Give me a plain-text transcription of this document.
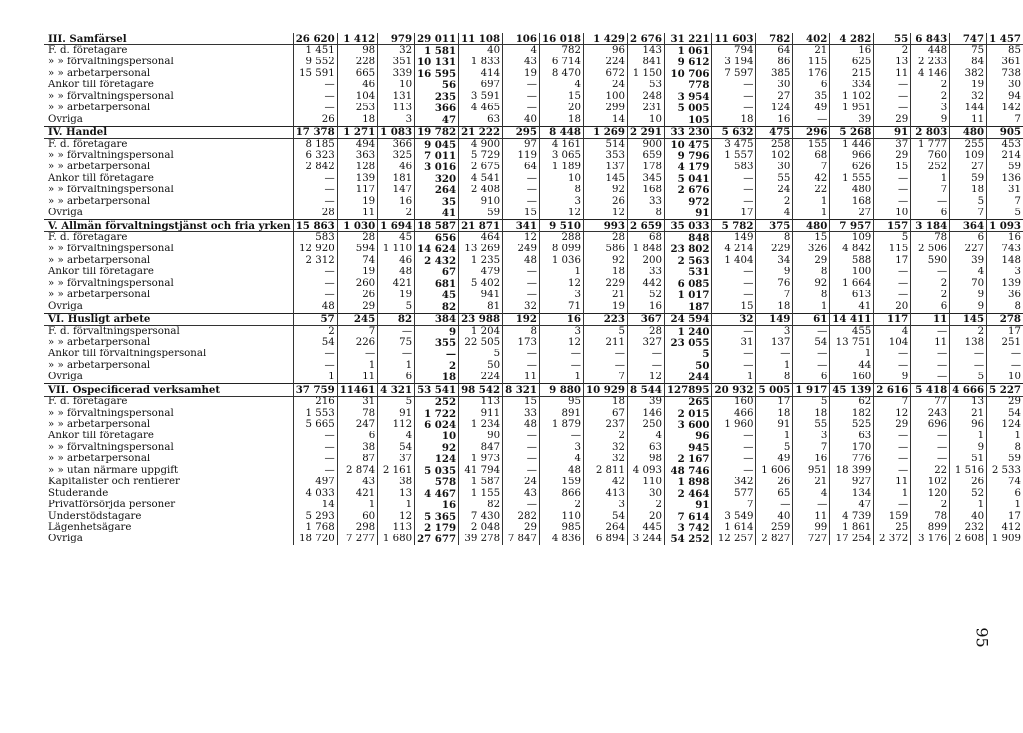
III. Samfärsel	26 620	1 412	979	29 011	11 108	106	16 018	1 429	2 676	31 221	11 603	782	402	4 282	55	6 843	747	1 457
F. d. företagare	1 451	98	32	1 581	40	4	782	96	143	1 061	794	64	21	16	2	448	75	85
» » förvaltningspersonal	9 552	228	351	10 131	1 833	43	6 714	224	841	9 612	3 194	86	115	625	13	2 233	84	361
» » arbetarpersonal	15 591	665	339	16 595	414	19	8 470	672	1 150	10 706	7 597	385	176	215	11	4 146	382	738
Änkor till företagare	—	46	10	56	697	—	4	24	53	778	—	30	6	334	—	2	19	30
» » förvaltningspersonal	—	104	131	235	3 591	—	15	100	248	3 954	—	27	35	1 102	—	2	32	94
» » arbetarpersonal	—	253	113	366	4 465	—	20	299	231	5 005	—	124	49	1 951	—	3	144	142
Övriga	26	18	3	47	63	40	18	14	10	105	18	16	—	39	29	9	11	7
IV. Handel	17 378	1 271	1 083	19 782	21 222	295	8 448	1 269	2 291	33 230	5 632	475	296	5 268	91	2 803	480	905
F. d. företagare	8 185	494	366	9 045	4 900	97	4 161	514	900	10 475	3 475	258	155	1 446	37	1 777	255	453
» » förvaltningspersonal	6 323	363	325	7 011	5 729	119	3 065	353	659	9 796	1 557	102	68	966	29	760	109	214
» » arbetarpersonal	2 842	128	46	3 016	2 675	64	1 189	137	178	4 179	583	30	7	626	15	252	27	59
Änkor till företagare	—	139	181	320	4 541	—	10	145	345	5 041	—	55	42	1 555	—	1	59	136
» » förvaltningspersonal	—	117	147	264	2 408	—	8	92	168	2 676	—	24	22	480	—	7	18	31
» » arbetarpersonal	—	19	16	35	910	—	3	26	33	972	—	2	1	168	—	—	5	7
Övriga	28	11	2	41	59	15	12	12	8	91	17	4	1	27	10	6	7	5
V. Allmän förvaltningstjänst och fria yrken	15 863	1 030	1 694	18 587	21 871	341	9 510	993	2 659	35 033	5 782	375	480	7 957	157	3 184	364	1 093
F. d. företagare	583	28	45	656	464	12	288	28	68	848	149	8	15	109	5	78	6	16
» » förvaltningspersonal	12 920	594	1 110	14 624	13 269	249	8 099	586	1 848	23 802	4 214	229	326	4 842	115	2 506	227	743
» » arbetarpersonal	2 312	74	46	2 432	1 235	48	1 036	92	200	2 563	1 404	34	29	588	17	590	39	148
Änkor till företagare	—	19	48	67	479	—	1	18	33	531	—	9	8	100	—	—	4	3
» » förvaltningspersonal	—	260	421	681	5 402	—	12	229	442	6 085	—	76	92	1 664	—	2	70	139
» » arbetarpersonal	—	26	19	45	941	—	3	21	52	1 017	—	7	8	613	—	2	9	36
Övriga	48	29	5	82	81	32	71	19	16	187	15	18	1	41	20	6	9	8
VI. Husligt arbete	57	245	82	384	23 988	192	16	223	367	24 594	32	149	61	14 411	117	11	145	278
F. d. förvaltningspersonal	2	7	—	9	1 204	8	3	5	28	1 240	—	3	—	455	4	—	2	17
» » arbetarpersonal	54	226	75	355	22 505	173	12	211	327	23 055	31	137	54	13 751	104	11	138	251
Änkor till förvaltningspersonal	—	—	—	—	5	—	—	—	—	5	—	—	—	1	—	—	—	—
» » arbetarpersonal	—	1	1	2	50	—	—	—	—	50	—	1	—	44	—	—	—	—
Övriga	1	11	6	18	224	11	1	7	12	244	1	8	6	160	9	—	5	10
VII. Ospecificerad verksamhet	37 759	11461	4 321	53 541	98 542	8 321	9 880	10 929	8 544	127895	20 932	5 005	1 917	45 139	2 616	5 418	4 666	5 227
F. d. företagare	216	31	5	252	113	15	95	18	39	265	160	17	5	62	7	77	13	29
» » förvaltningspersonal	1 553	78	91	1 722	911	33	891	67	146	2 015	466	18	18	182	12	243	21	54
» » arbetarpersonal	5 665	247	112	6 024	1 234	48	1 879	237	250	3 600	1 960	91	55	525	29	696	96	124
Änkor till företagare	—	6	4	10	90	—	—	2	4	96	—	1	3	63	—	—	1	1
» » förvaltningspersonal	—	38	54	92	847	—	3	32	63	945	—	5	7	170	—	—	9	8
» » arbetarpersonal	—	87	37	124	1 973	—	4	32	98	2 167	—	49	16	776	—	—	51	59
» » utan närmare uppgift	—	2 874	2 161	5 035	41 794	—	48	2 811	4 093	48 746	—	1 606	951	18 399	—	22	1 516	2 533
Kapitalister och rentierer	497	43	38	578	1 587	24	159	42	110	1 898	342	26	21	927	11	102	26	74
Studerande	4 033	421	13	4 467	1 155	43	866	413	30	2 464	577	65	4	134	1	120	52	6
Privatförsörjda personer	14	1	1	16	82	—	2	3	2	91	7	—	—	47	—	2	1	1
Understödstagare	5 293	60	12	5 365	7 430	282	110	54	20	7 614	3 549	40	11	4 739	159	78	40	17
Lägenhetsägare	1 768	298	113	2 179	2 048	29	985	264	445	3 742	1 614	259	99	1 861	25	899	232	412
Övriga	18 720	7 277	1 680	27 677	39 278	7 847	4 836	6 894	3 244	54 252	12 257	2 827	727	17 254	2 372	3 176	2 608	1 909
95
